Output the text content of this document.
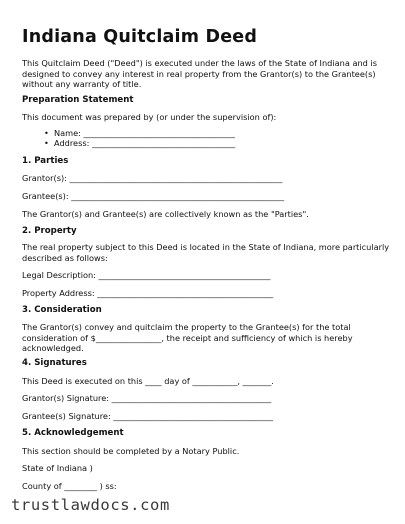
Indiana Quitclaim Deed
This Quitclaim Deed ("Deed") is executed under the laws of the State of Indiana and is
designed to convey any interest in real property from the Grantor(s) to the Grantee(s)
without any warranty of title.
Preparation Statement
This document was prepared by (or under the supervision of):
• Name: _____________________________________
• Address: ___________________________________
1. Parties
Grantor(s): ____________________________________________________
Grantee(s): ____________________________________________________
The Grantor(s) and Grantee(s) are collectively known as the "Parties".
2. Property
The real property subject to this Deed is located in the State of Indiana, more particularly
described as follows:
Legal Description: __________________________________________
Property Address: ___________________________________________
3. Consideration
The Grantor(s) convey and quitclaim the property to the Grantee(s) for the total
consideration of $________________, the receipt and sufficiency of which is hereby
acknowledged.
4. Signatures
This Deed is executed on this ____ day of ___________, _______.
Grantor(s) Signature: _______________________________________
Grantee(s) Signature: _______________________________________
5. Acknowledgement
This section should be completed by a Notary Public.
State of Indiana )
County of ________ ) ss:
trustlawdocs.com
